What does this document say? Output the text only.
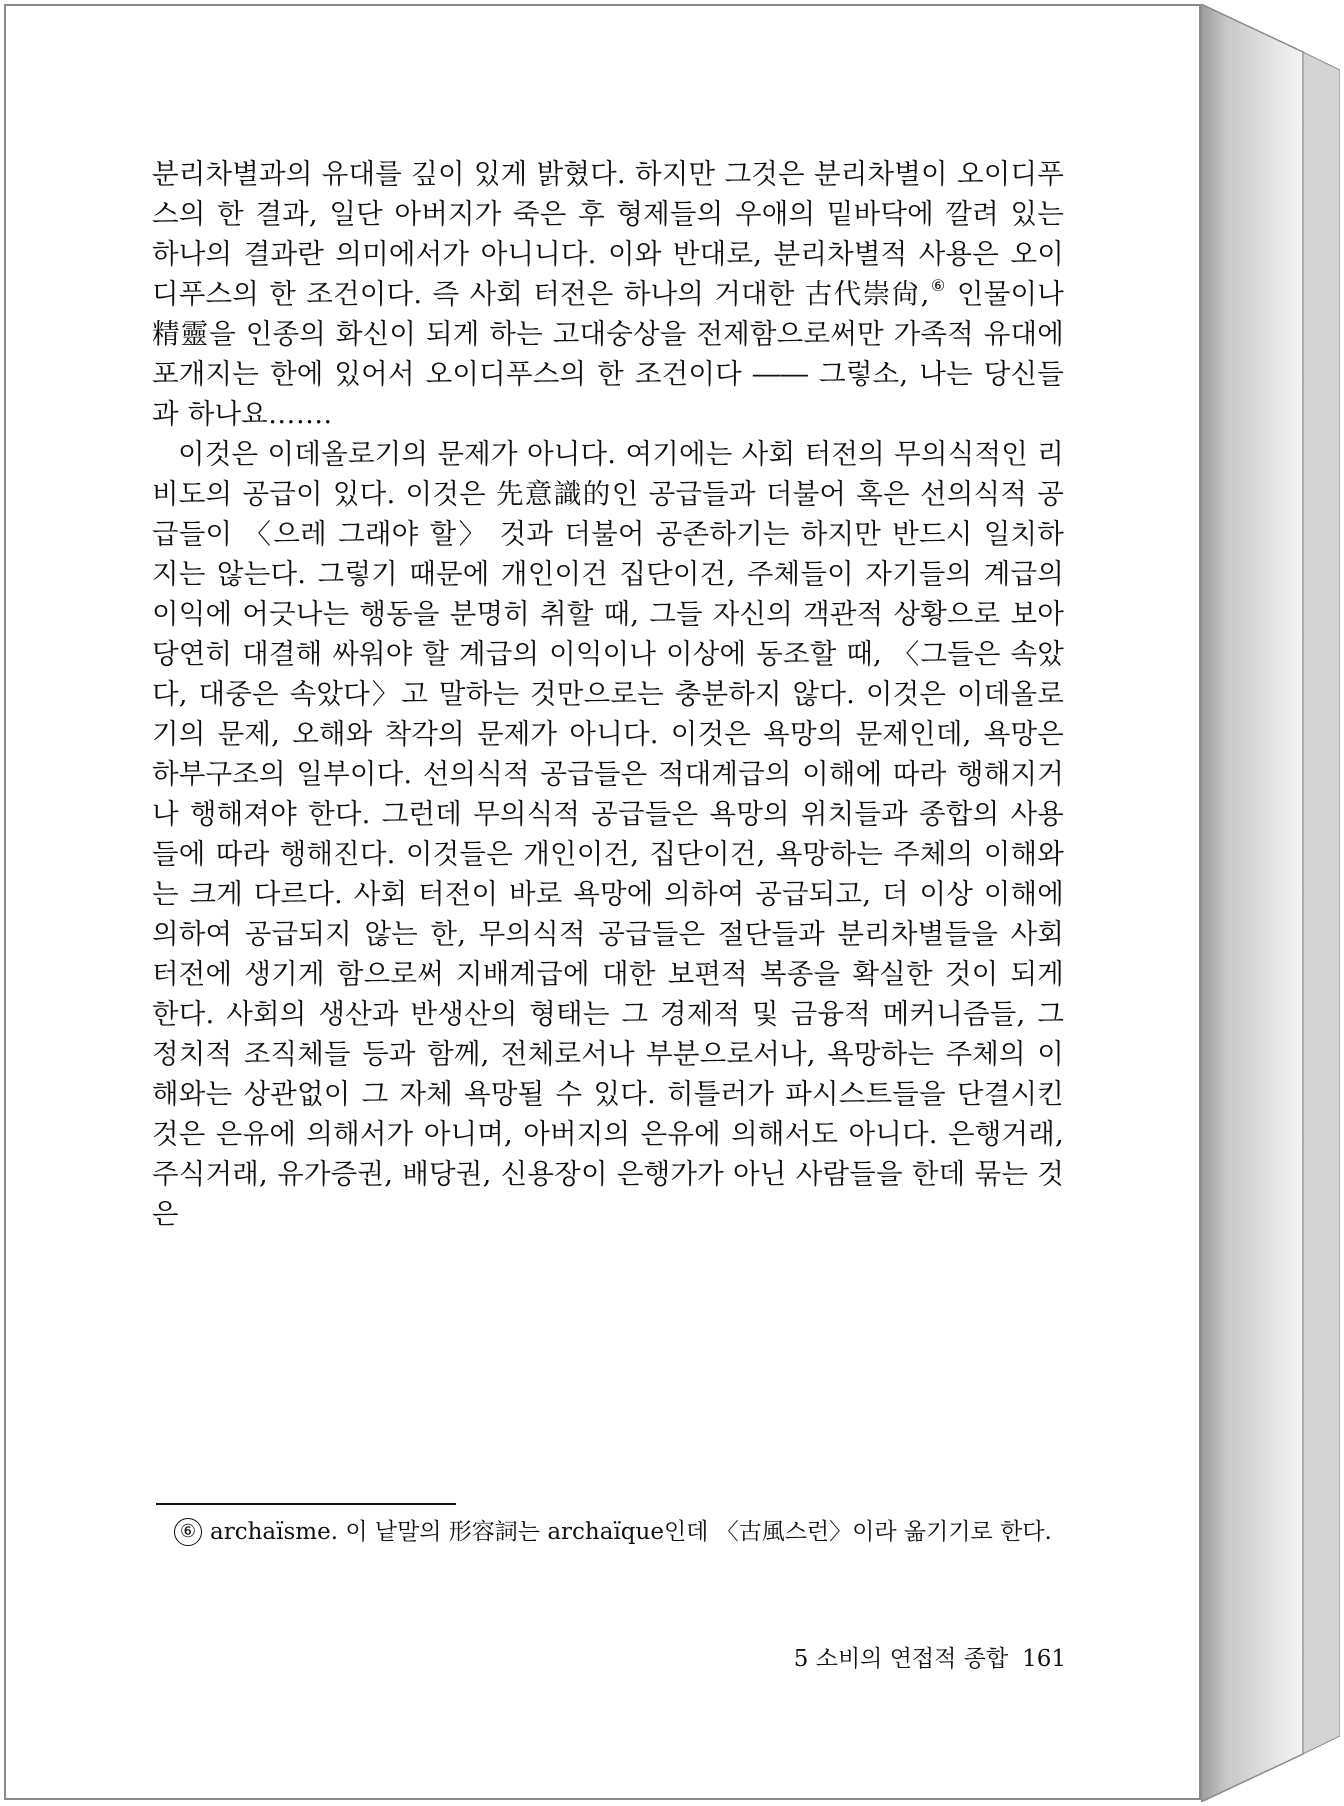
분리차별과의 유대를 깊이 있게 밝혔다. 하지만 그것은 분리차별이 오이디푸스의 한 결과, 일단 아버지가 죽은 후 형제들의 우애의 밑바닥에 깔려 있는 하나의 결과란 의미에서가 아니니다. 이와 반대로, 분리차별적 사용은 오이디푸스의 한 조건이다. 즉 사회 터전은 하나의 거대한 古代崇尙,⑥ 인물이나 精靈을 인종의 화신이 되게 하는 고대숭상을 전제함으로써만 가족적 유대에 포개지는 한에 있어서 오이디푸스의 한 조건이다 ―― 그렇소, 나는 당신들과 하나요…….

이것은 이데올로기의 문제가 아니다. 여기에는 사회 터전의 무의식적인 리비도의 공급이 있다. 이것은 先意識的인 공급들과 더불어 혹은 선의식적 공급들이 〈으레 그래야 할〉 것과 더불어 공존하기는 하지만 반드시 일치하지는 않는다. 그렇기 때문에 개인이건 집단이건, 주체들이 자기들의 계급의 이익에 어긋나는 행동을 분명히 취할 때, 그들 자신의 객관적 상황으로 보아 당연히 대결해 싸워야 할 계급의 이익이나 이상에 동조할 때, 〈그들은 속았다, 대중은 속았다〉고 말하는 것만으로는 충분하지 않다. 이것은 이데올로기의 문제, 오해와 착각의 문제가 아니다. 이것은 욕망의 문제인데, 욕망은 하부구조의 일부이다. 선의식적 공급들은 적대계급의 이해에 따라 행해지거나 행해져야 한다. 그런데 무의식적 공급들은 욕망의 위치들과 종합의 사용들에 따라 행해진다. 이것들은 개인이건, 집단이건, 욕망하는 주체의 이해와는 크게 다르다. 사회 터전이 바로 욕망에 의하여 공급되고, 더 이상 이해에 의하여 공급되지 않는 한, 무의식적 공급들은 절단들과 분리차별들을 사회 터전에 생기게 함으로써 지배계급에 대한 보편적 복종을 확실한 것이 되게 한다. 사회의 생산과 반생산의 형태는 그 경제적 및 금융적 메커니즘들, 그 정치적 조직체들 등과 함께, 전체로서나 부분으로서나, 욕망하는 주체의 이해와는 상관없이 그 자체 욕망될 수 있다. 히틀러가 파시스트들을 단결시킨 것은 은유에 의해서가 아니며, 아버지의 은유에 의해서도 아니다. 은행거래, 주식거래, 유가증권, 배당권, 신용장이 은행가가 아닌 사람들을 한데 묶는 것은

⑥ archaïsme. 이 낱말의 形容詞는 archaïque인데 〈古風스런〉이라 옮기기로 한다.
5 소비의 연접적 종합 161
